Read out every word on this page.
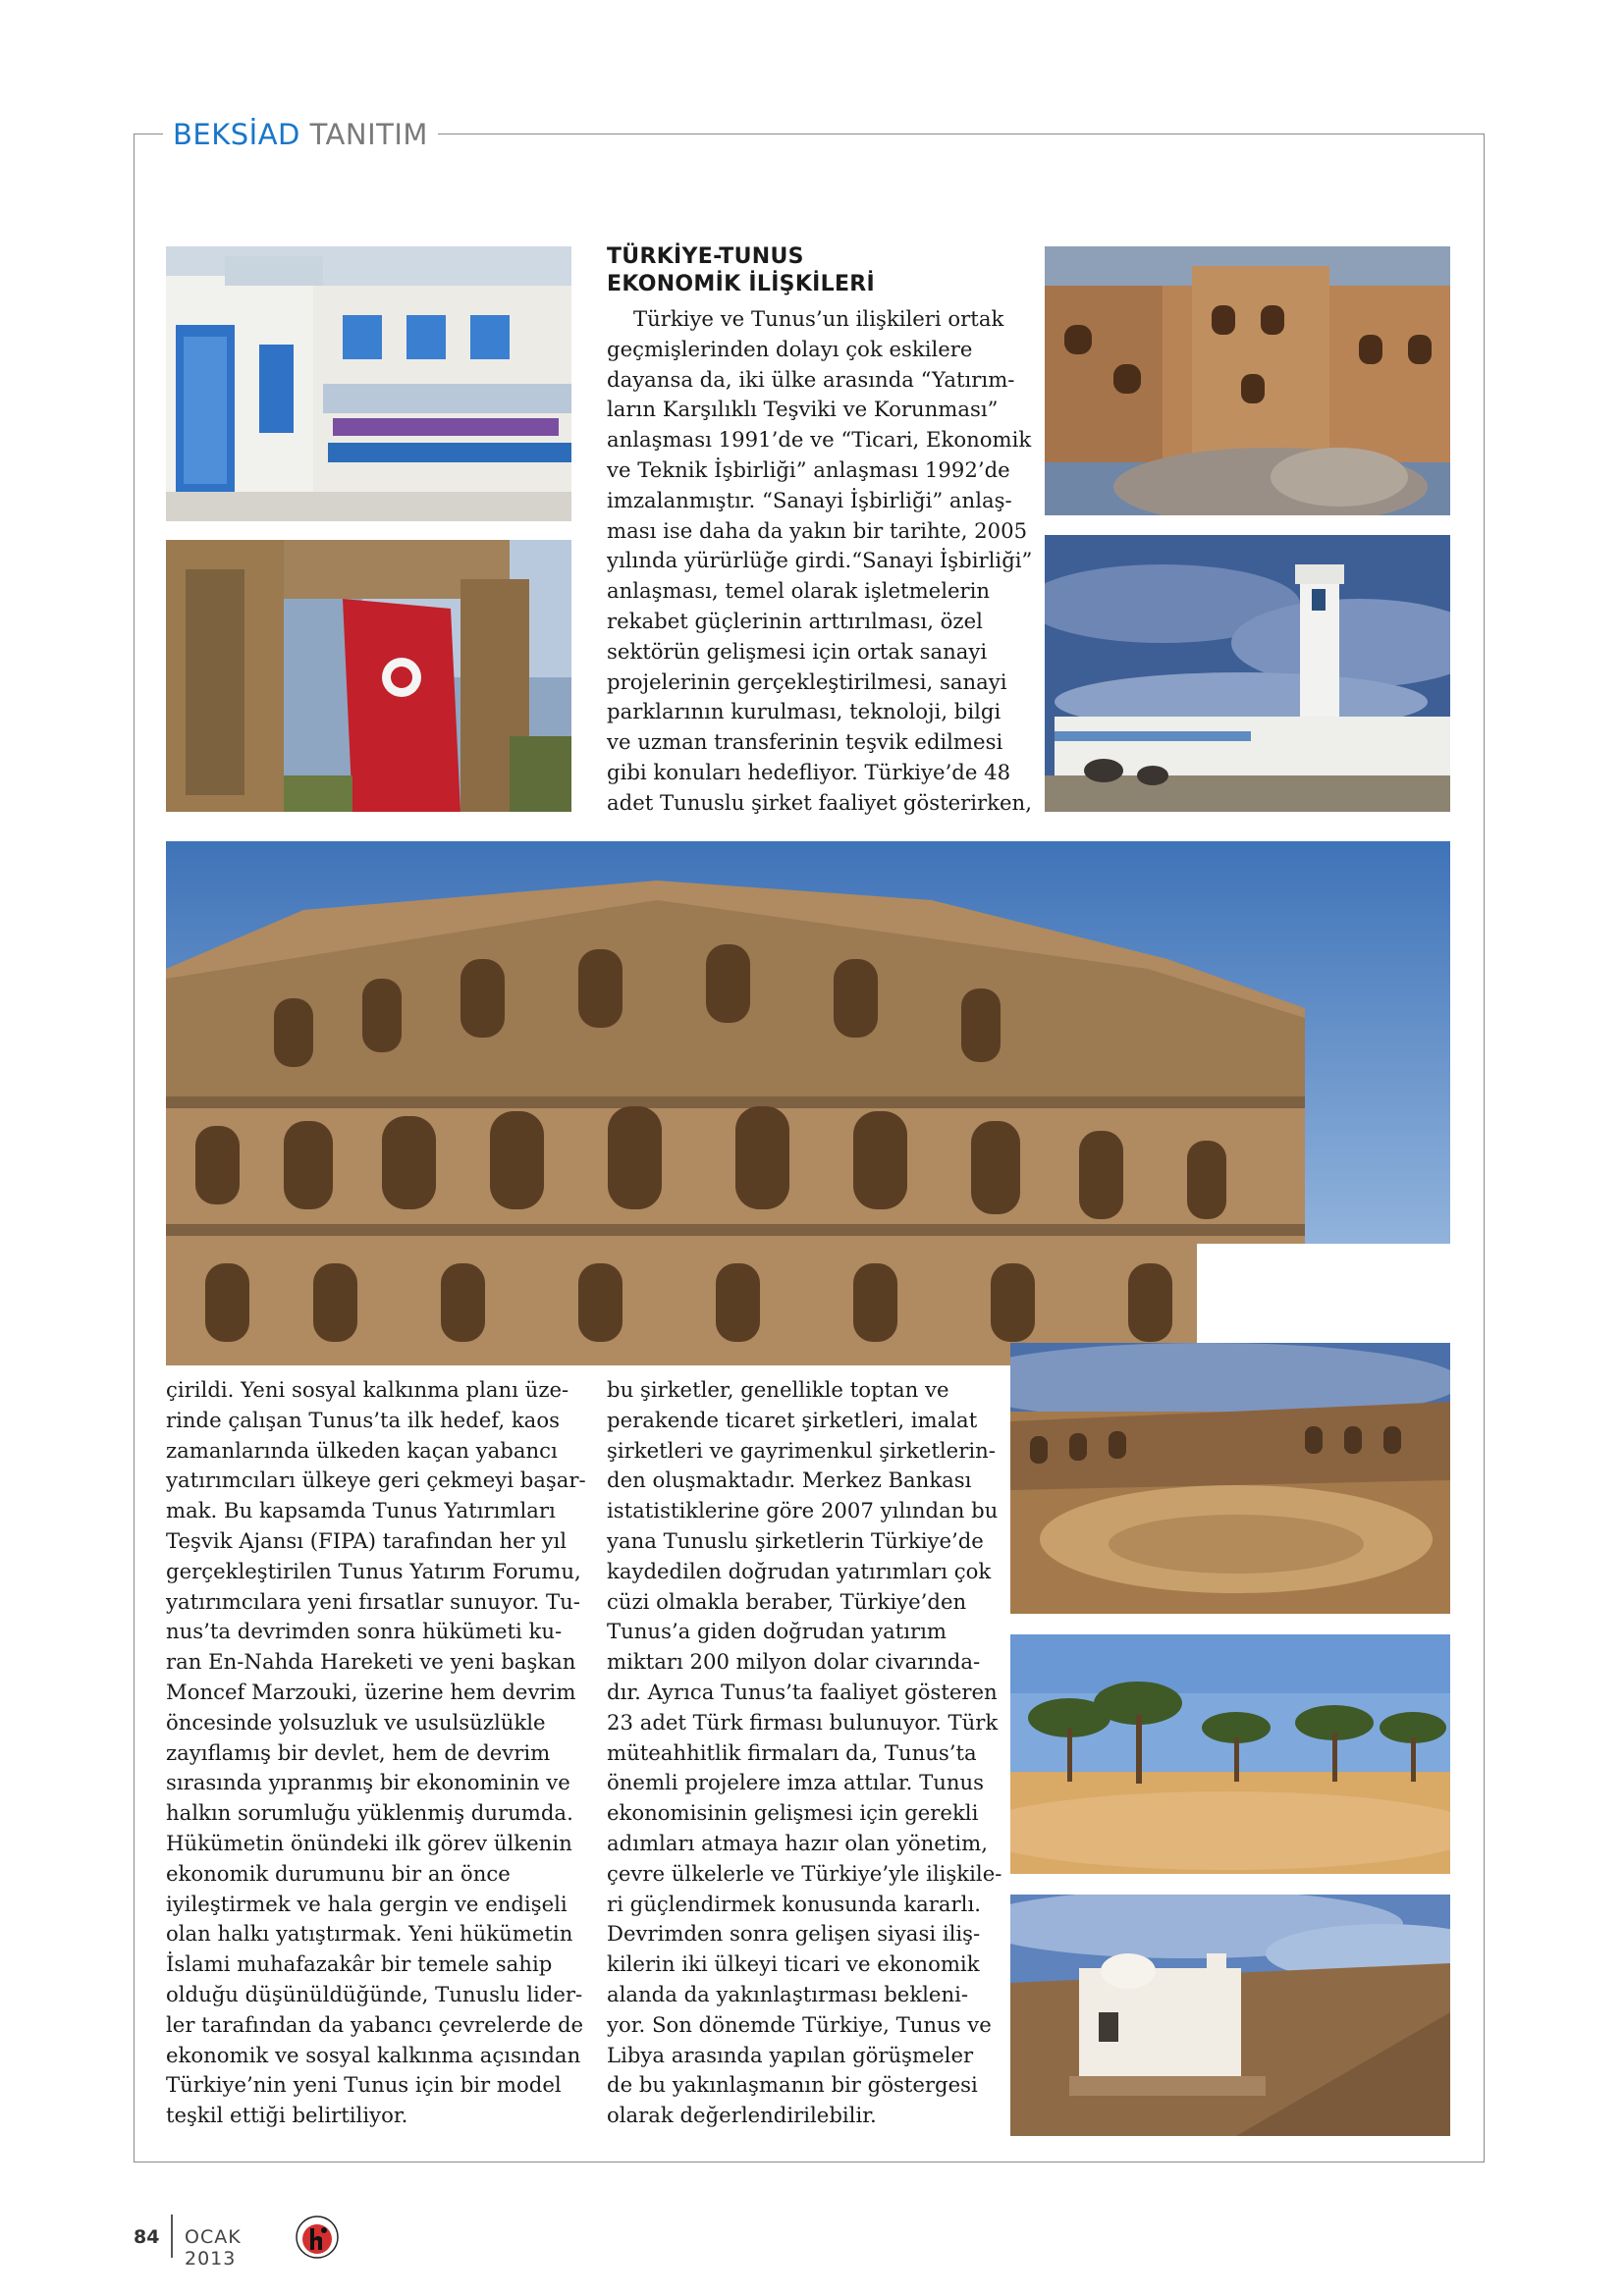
BEKSİAD TANITIM
TÜRKİYE-TUNUS
EKONOMİK İLİŞKİLERİ
Türkiye ve Tunus’un ilişkileri ortak
geçmişlerinden dolayı çok eskilere
dayansa da, iki ülke arasında “Yatırım-
ların Karşılıklı Teşviki ve Korunması”
anlaşması 1991’de ve “Ticari, Ekonomik
ve Teknik İşbirliği” anlaşması 1992’de
imzalanmıştır. “Sanayi İşbirliği” anlaş-
ması ise daha da yakın bir tarihte, 2005
yılında yürürlüğe girdi.“Sanayi İşbirliği”
anlaşması, temel olarak işletmelerin
rekabet güçlerinin arttırılması, özel
sektörün gelişmesi için ortak sanayi
projelerinin gerçekleştirilmesi, sanayi
parklarının kurulması, teknoloji, bilgi
ve uzman transferinin teşvik edilmesi
gibi konuları hedefliyor. Türkiye’de 48
adet Tunuslu şirket faaliyet gösterirken,
çirildi. Yeni sosyal kalkınma planı üze-
rinde çalışan Tunus’ta ilk hedef, kaos
zamanlarında ülkeden kaçan yabancı
yatırımcıları ülkeye geri çekmeyi başar-
mak. Bu kapsamda Tunus Yatırımları
Teşvik Ajansı (FIPA) tarafından her yıl
gerçekleştirilen Tunus Yatırım Forumu,
yatırımcılara yeni fırsatlar sunuyor. Tu-
nus’ta devrimden sonra hükümeti ku-
ran En-Nahda Hareketi ve yeni başkan
Moncef Marzouki, üzerine hem devrim
öncesinde yolsuzluk ve usulsüzlükle
zayıflamış bir devlet, hem de devrim
sırasında yıpranmış bir ekonominin ve
halkın sorumluğu yüklenmiş durumda.
Hükümetin önündeki ilk görev ülkenin
ekonomik durumunu bir an önce
iyileştirmek ve hala gergin ve endişeli
olan halkı yatıştırmak. Yeni hükümetin
İslami muhafazakâr bir temele sahip
olduğu düşünüldüğünde, Tunuslu lider-
ler tarafından da yabancı çevrelerde de
ekonomik ve sosyal kalkınma açısından
Türkiye’nin yeni Tunus için bir model
teşkil ettiği belirtiliyor.
bu şirketler, genellikle toptan ve
perakende ticaret şirketleri, imalat
şirketleri ve gayrimenkul şirketlerin-
den oluşmaktadır. Merkez Bankası
istatistiklerine göre 2007 yılından bu
yana Tunuslu şirketlerin Türkiye’de
kaydedilen doğrudan yatırımları çok
cüzi olmakla beraber, Türkiye’den
Tunus’a giden doğrudan yatırım
miktarı 200 milyon dolar civarında-
dır. Ayrıca Tunus’ta faaliyet gösteren
23 adet Türk firması bulunuyor. Türk
müteahhitlik firmaları da, Tunus’ta
önemli projelere imza attılar. Tunus
ekonomisinin gelişmesi için gerekli
adımları atmaya hazır olan yönetim,
çevre ülkelerle ve Türkiye’yle ilişkile-
ri güçlendirmek konusunda kararlı.
Devrimden sonra gelişen siyasi iliş-
kilerin iki ülkeyi ticari ve ekonomik
alanda da yakınlaştırması bekleni-
yor. Son dönemde Türkiye, Tunus ve
Libya arasında yapılan görüşmeler
de bu yakınlaşmanın bir göstergesi
olarak değerlendirilebilir.
84 OCAK 2013
